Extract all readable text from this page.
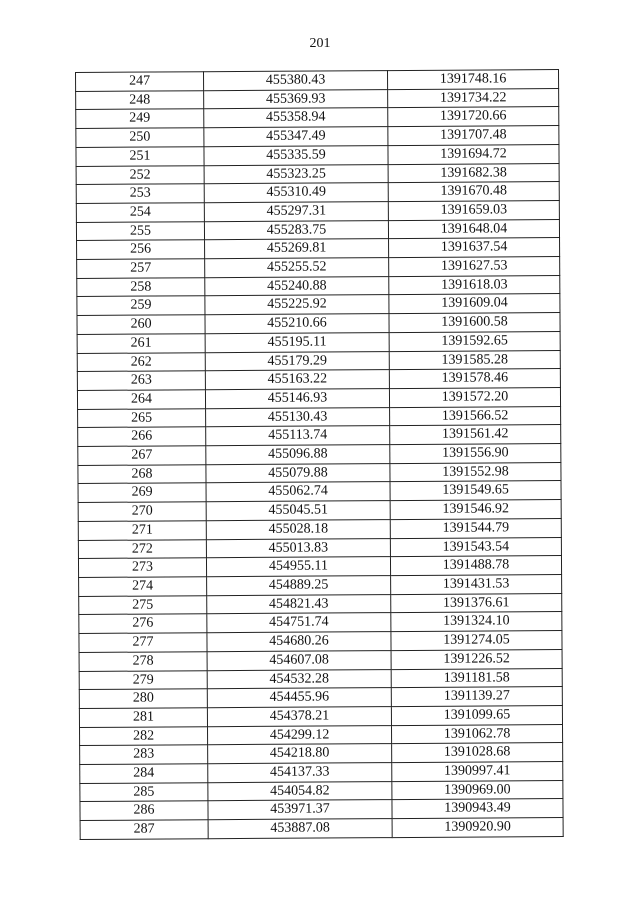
201
247	455380.43	1391748.16
248	455369.93	1391734.22
249	455358.94	1391720.66
250	455347.49	1391707.48
251	455335.59	1391694.72
252	455323.25	1391682.38
253	455310.49	1391670.48
254	455297.31	1391659.03
255	455283.75	1391648.04
256	455269.81	1391637.54
257	455255.52	1391627.53
258	455240.88	1391618.03
259	455225.92	1391609.04
260	455210.66	1391600.58
261	455195.11	1391592.65
262	455179.29	1391585.28
263	455163.22	1391578.46
264	455146.93	1391572.20
265	455130.43	1391566.52
266	455113.74	1391561.42
267	455096.88	1391556.90
268	455079.88	1391552.98
269	455062.74	1391549.65
270	455045.51	1391546.92
271	455028.18	1391544.79
272	455013.83	1391543.54
273	454955.11	1391488.78
274	454889.25	1391431.53
275	454821.43	1391376.61
276	454751.74	1391324.10
277	454680.26	1391274.05
278	454607.08	1391226.52
279	454532.28	1391181.58
280	454455.96	1391139.27
281	454378.21	1391099.65
282	454299.12	1391062.78
283	454218.80	1391028.68
284	454137.33	1390997.41
285	454054.82	1390969.00
286	453971.37	1390943.49
287	453887.08	1390920.90
